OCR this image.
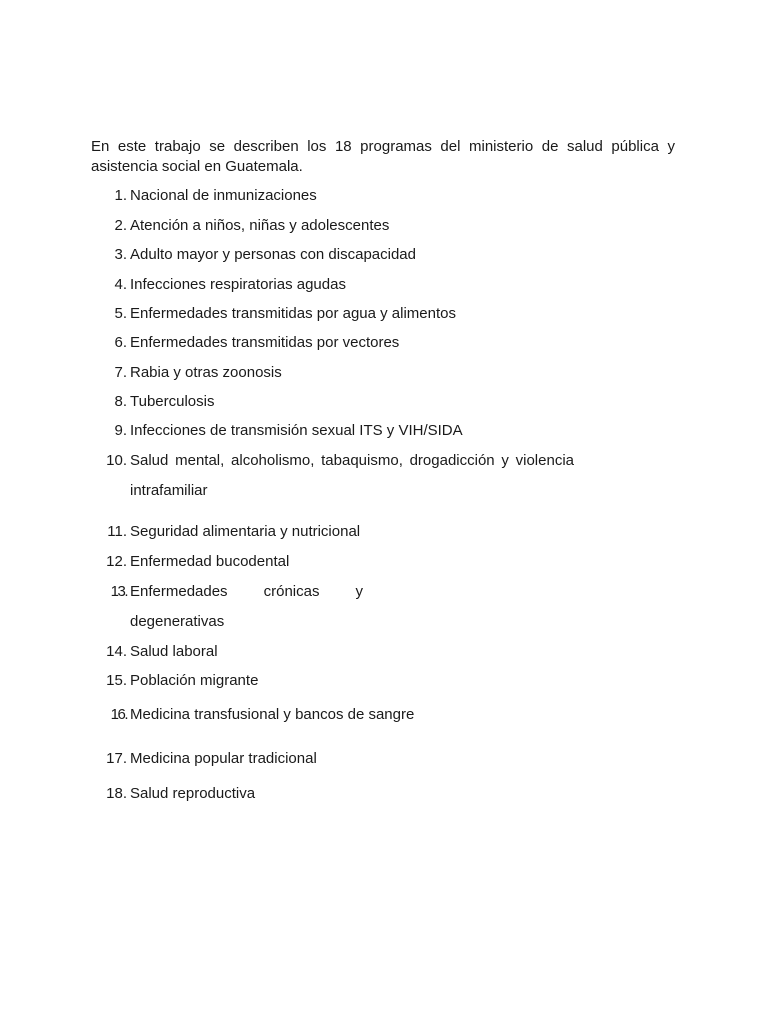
En este trabajo se describen los 18 programas del ministerio de salud pública y asistencia social en Guatemala.

1. Nacional de inmunizaciones
2. Atención a niños, niñas y adolescentes
3. Adulto mayor y personas con discapacidad
4. Infecciones respiratorias agudas
5. Enfermedades transmitidas por agua y alimentos
6. Enfermedades transmitidas por vectores
7. Rabia y otras zoonosis
8. Tuberculosis
9. Infecciones de transmisión sexual ITS y VIH/SIDA
10. Salud mental, alcoholismo, tabaquismo, drogadicción y violencia intrafamiliar
11. Seguridad alimentaria y nutricional
12. Enfermedad bucodental
13. Enfermedades crónicas y degenerativas
14. Salud laboral
15. Población migrante
16. Medicina transfusional y bancos de sangre
17. Medicina popular tradicional
18. Salud reproductiva
